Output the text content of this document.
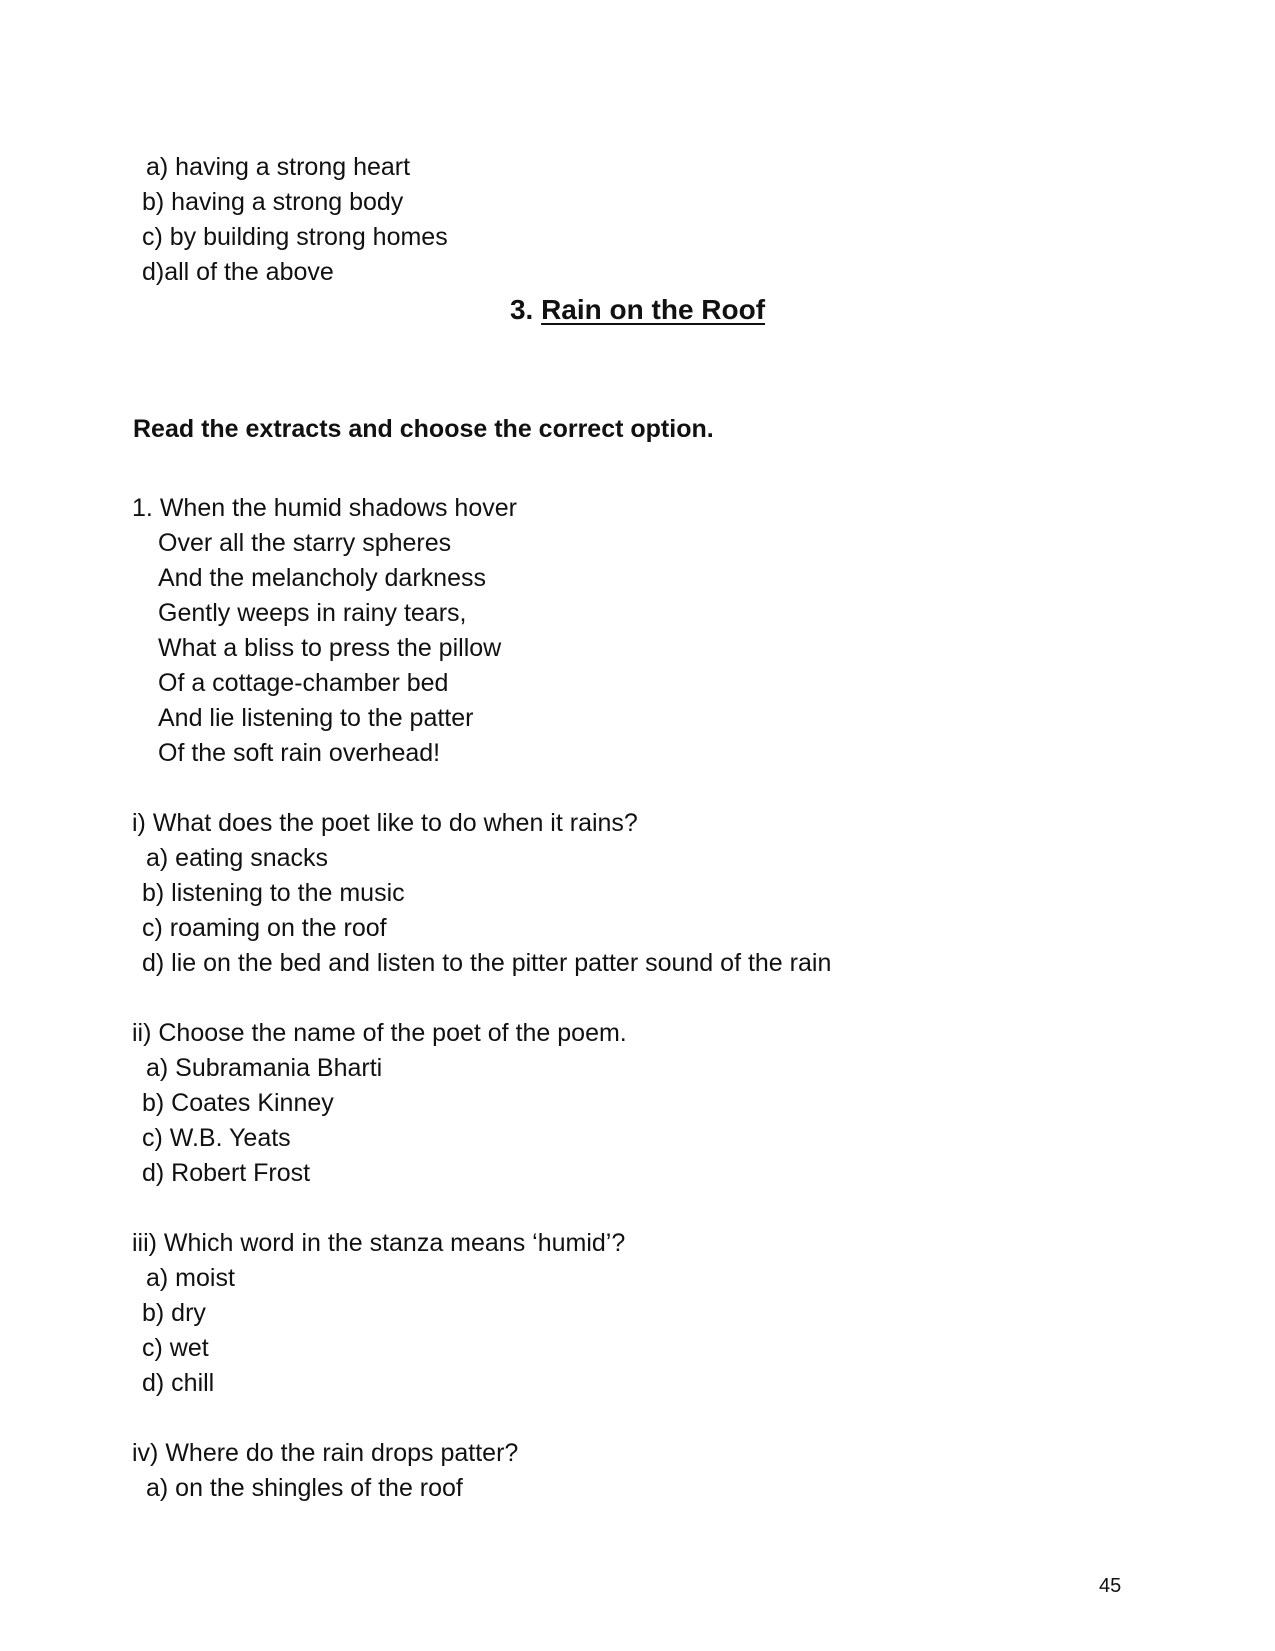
a) having a strong heart
b) having a strong body
c) by building strong homes
d)all of the above
3. Rain on the Roof
Read the extracts and choose the correct option.
1. When the humid shadows hover
Over all the starry spheres
And the melancholy darkness
Gently weeps in rainy tears,
What a bliss to press the pillow
Of a cottage-chamber bed
And lie listening to the patter
Of the soft rain overhead!
i) What does the poet like to do when it rains?
a) eating snacks
b) listening to the music
c) roaming on the roof
d) lie on the bed and listen to the pitter patter sound of the rain
ii) Choose the name of the poet of the poem.
a) Subramania Bharti
b) Coates Kinney
c) W.B. Yeats
d) Robert Frost
iii) Which word in the stanza means ‘humid’?
a) moist
b) dry
c) wet
d) chill
iv) Where do the rain drops patter?
a) on the shingles of the roof
45
